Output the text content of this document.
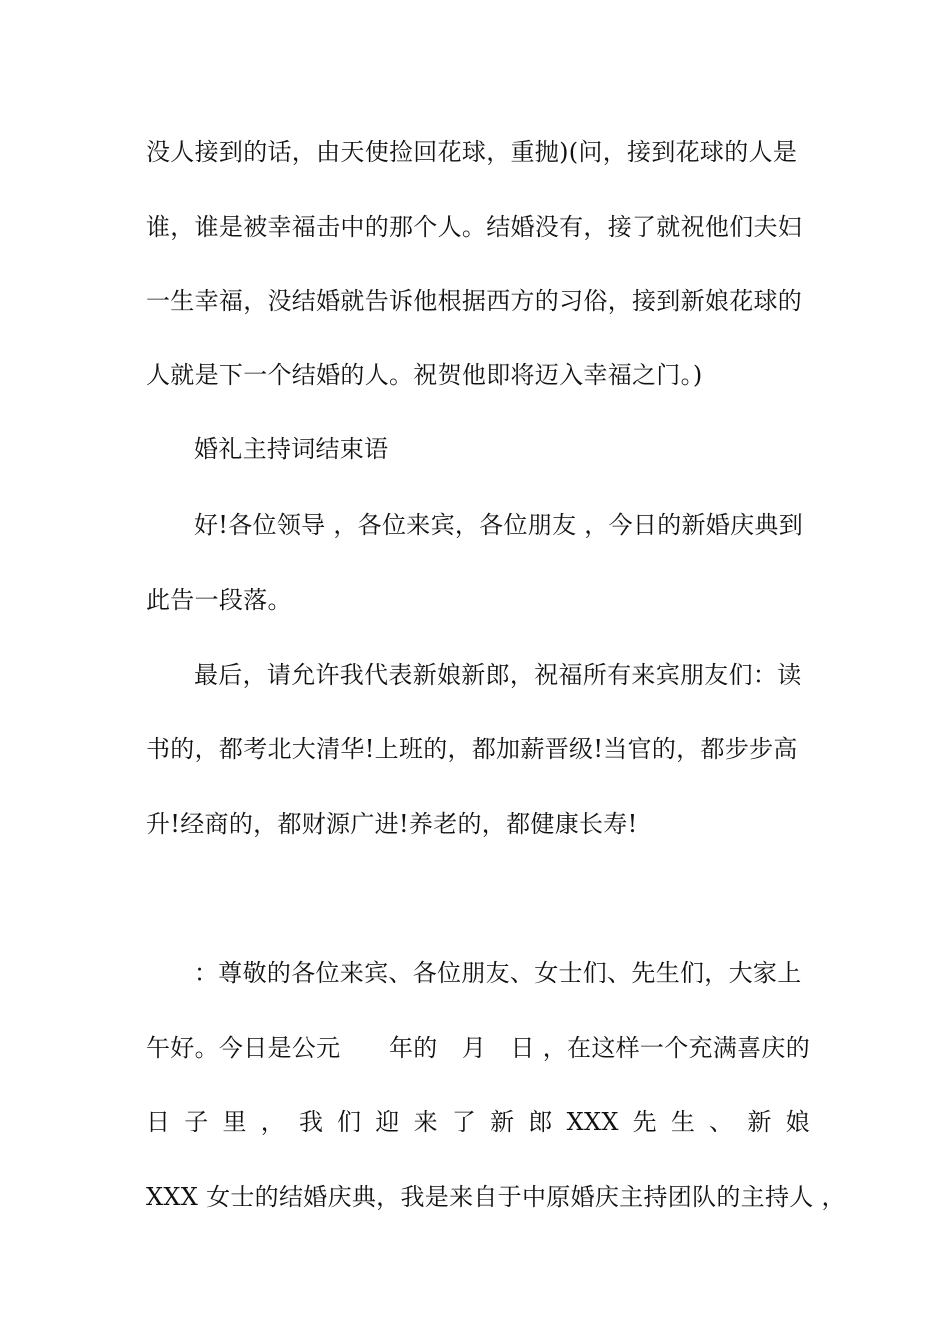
没人接到的话，由天使捡回花球，重抛)(问，接到花球的人是
谁，谁是被幸福击中的那个人。结婚没有，接了就祝他们夫妇
一生幸福，没结婚就告诉他根据西方的习俗，接到新娘花球的
人就是下一个结婚的人。祝贺他即将迈入幸福之门。)
婚礼主持词结束语
好!各位领导 ，各位来宾，各位朋友 ，今日的新婚庆典到
此告一段落。
最后，请允许我代表新娘新郎，祝福所有来宾朋友们：读
书的，都考北大清华!上班的，都加薪晋级!当官的，都步步高
升!经商的，都财源广进!养老的，都健康长寿!
：尊敬的各位来宾、各位朋友、女士们、先生们，大家上
午好。今日是公元　　年的　月　日 ，在这样一个充满喜庆的
日 子 里 ， 我 们 迎 来 了 新 郎 XXX 先 生 、 新 娘
XXX 女士的结婚庆典，我是来自于中原婚庆主持团队的主持人 ，
